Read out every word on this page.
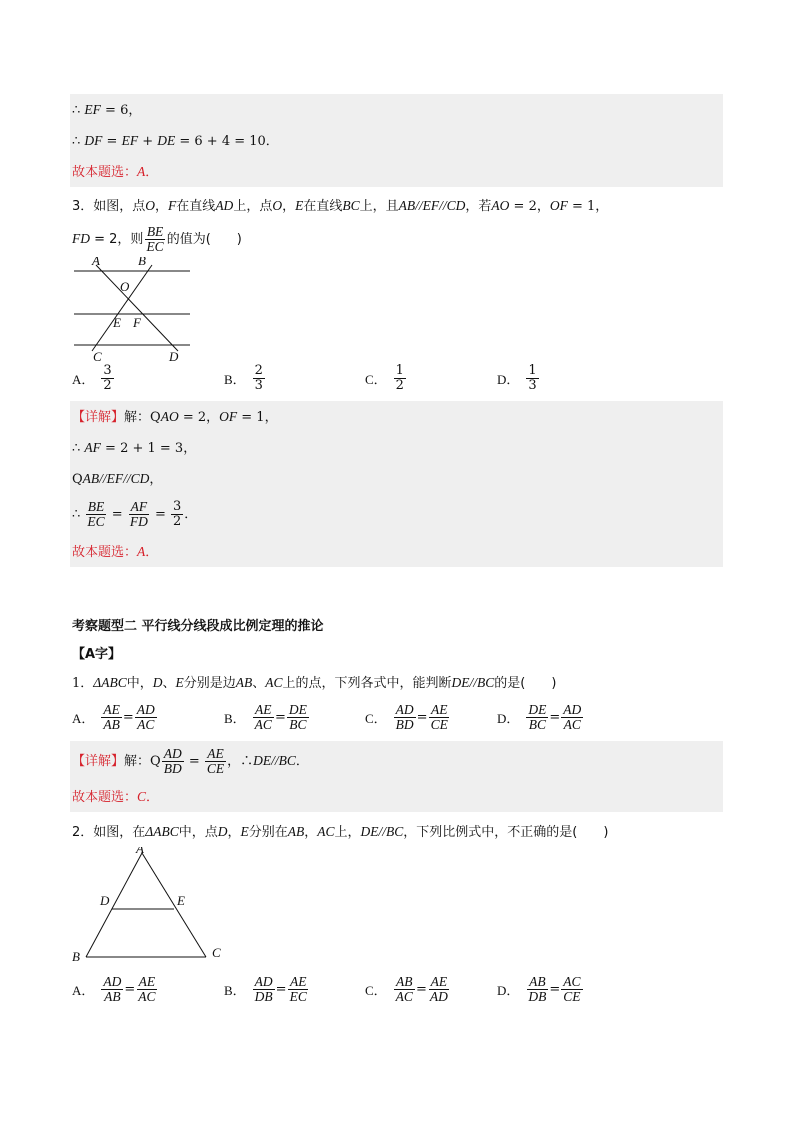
∴ EF = 6，
∴ DF = EF + DE = 6 + 4 = 10．
故本题选：A．
3．如图，点O，F在直线AD上，点O，E在直线BC上，且AB//EF//CD，若AO = 2，OF = 1，
FD = 2，则 $\frac{BE}{EC}$ 的值为(　　)
A	B
O
E F
C	D
A． $\frac{3}{2}$	B． $\frac{2}{3}$	C． $\frac{1}{2}$	D． $\frac{1}{3}$
【详解】解：QAO = 2，OF = 1，
∴ AF = 2 + 1 = 3，
QAB//EF//CD，
∴ $\frac{BE}{EC} = \frac{AF}{FD} = \frac{3}{2}$ ．
故本题选：A．
考察题型二 平行线分线段成比例定理的推论
【A字】
1．ΔABC中，D、E分别是边AB、AC上的点，下列各式中，能判断DE//BC的是(　　)
A． $\frac{AE}{AB} = \frac{AD}{AC}$	B． $\frac{AE}{AC} = \frac{DE}{BC}$	C． $\frac{AD}{BD} = \frac{AE}{CE}$	D． $\frac{DE}{BC} = \frac{AD}{AC}$
【详解】解：Q $\frac{AD}{BD} = \frac{AE}{CE}$ ，∴DE//BC．
故本题选：C．
2．如图，在ΔABC中，点D，E分别在AB，AC上，DE//BC，下列比例式中，不正确的是(　　)
A
D	E
B	C
A． $\frac{AD}{AB} = \frac{AE}{AC}$	B． $\frac{AD}{DB} = \frac{AE}{EC}$	C． $\frac{AB}{AC} = \frac{AE}{AD}$	D． $\frac{AB}{DB} = \frac{AC}{CE}$
